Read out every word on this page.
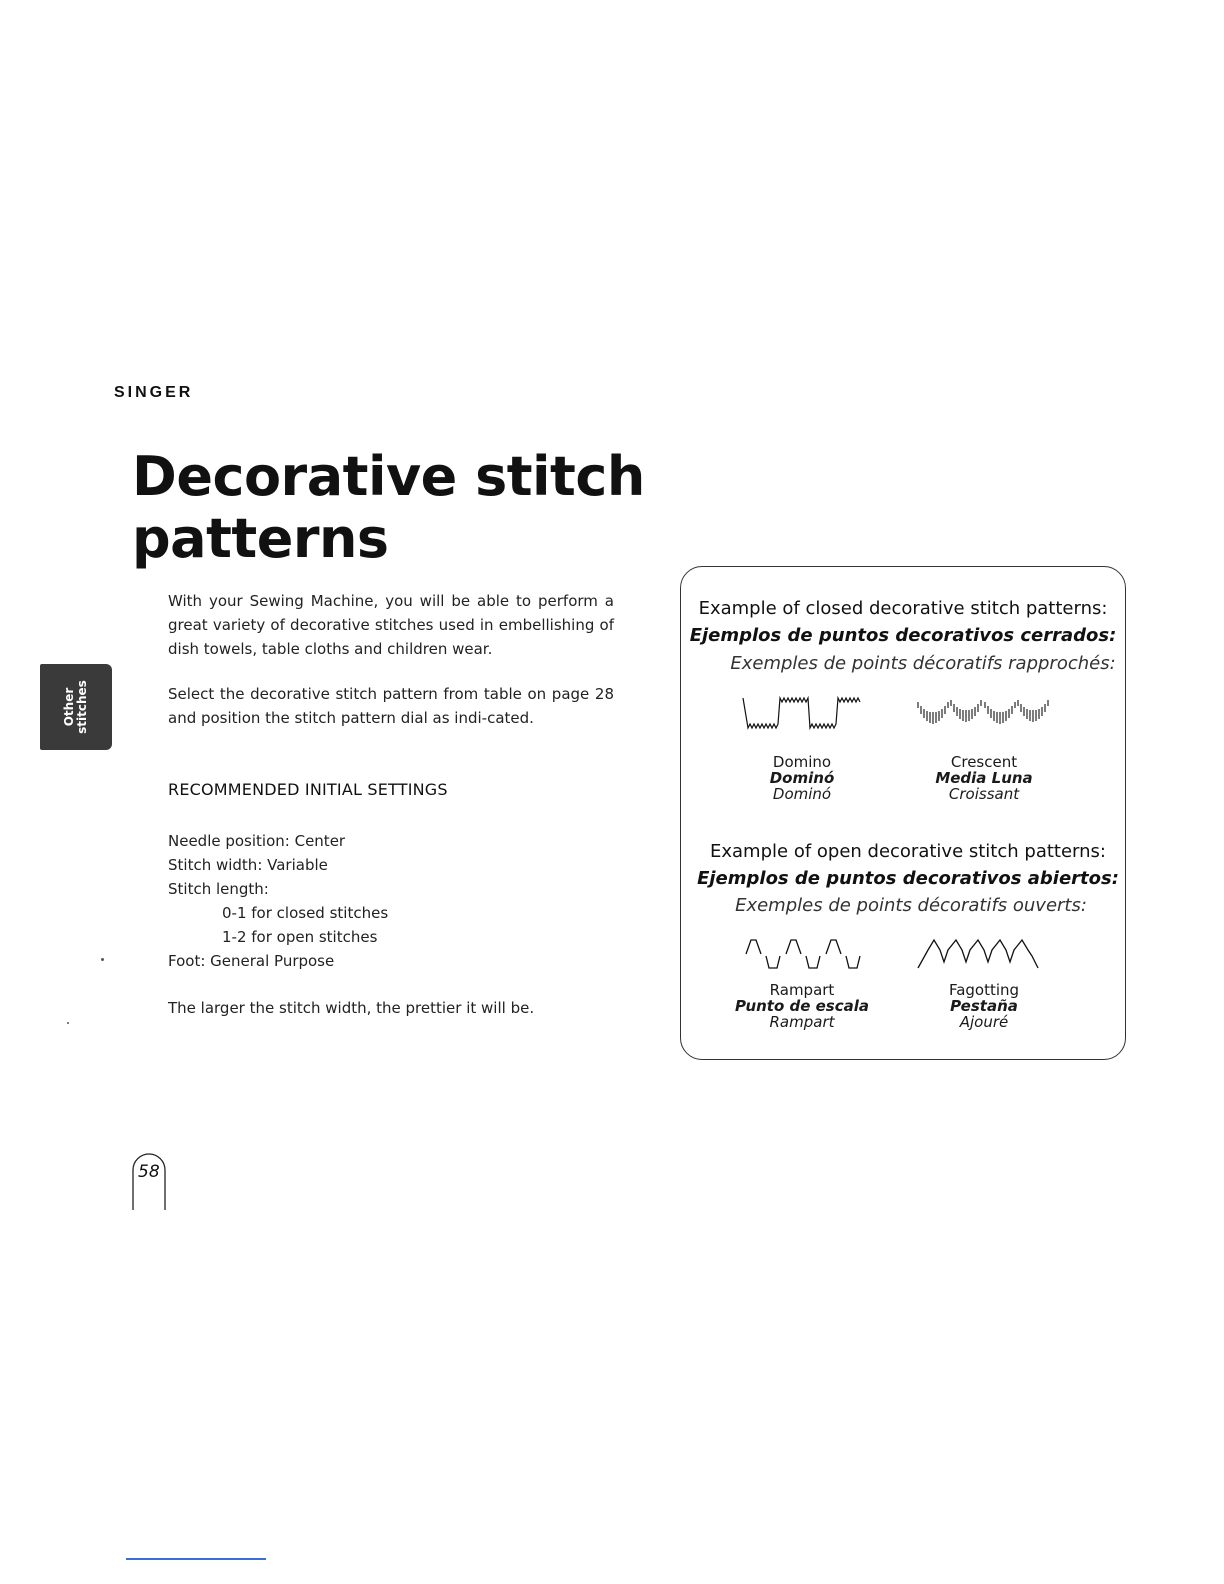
SINGER
Decorative stitch
patterns
Other stitches
With your Sewing Machine, you will be able to perform a great variety of decorative stitches used in embellishing of dish towels, table cloths and children wear.
Select the decorative stitch pattern from table on page 28 and position the stitch pattern dial as indi-cated.
RECOMMENDED INITIAL SETTINGS
Needle position: Center
Stitch width: Variable
Stitch length:
0-1 for closed stitches
1-2 for open stitches
Foot: General Purpose
The larger the stitch width, the prettier it will be.
Example of closed decorative stitch patterns:
Ejemplos de puntos decorativos cerrados:
Exemples de points décoratifs rapprochés:
Domino
Dominó
Dominó
Crescent
Media Luna
Croissant
Example of open decorative stitch patterns:
Ejemplos de puntos decorativos abiertos:
Exemples de points décoratifs ouverts:
Rampart
Punto de escala
Rampart
Fagotting
Pestaña
Ajouré
58
